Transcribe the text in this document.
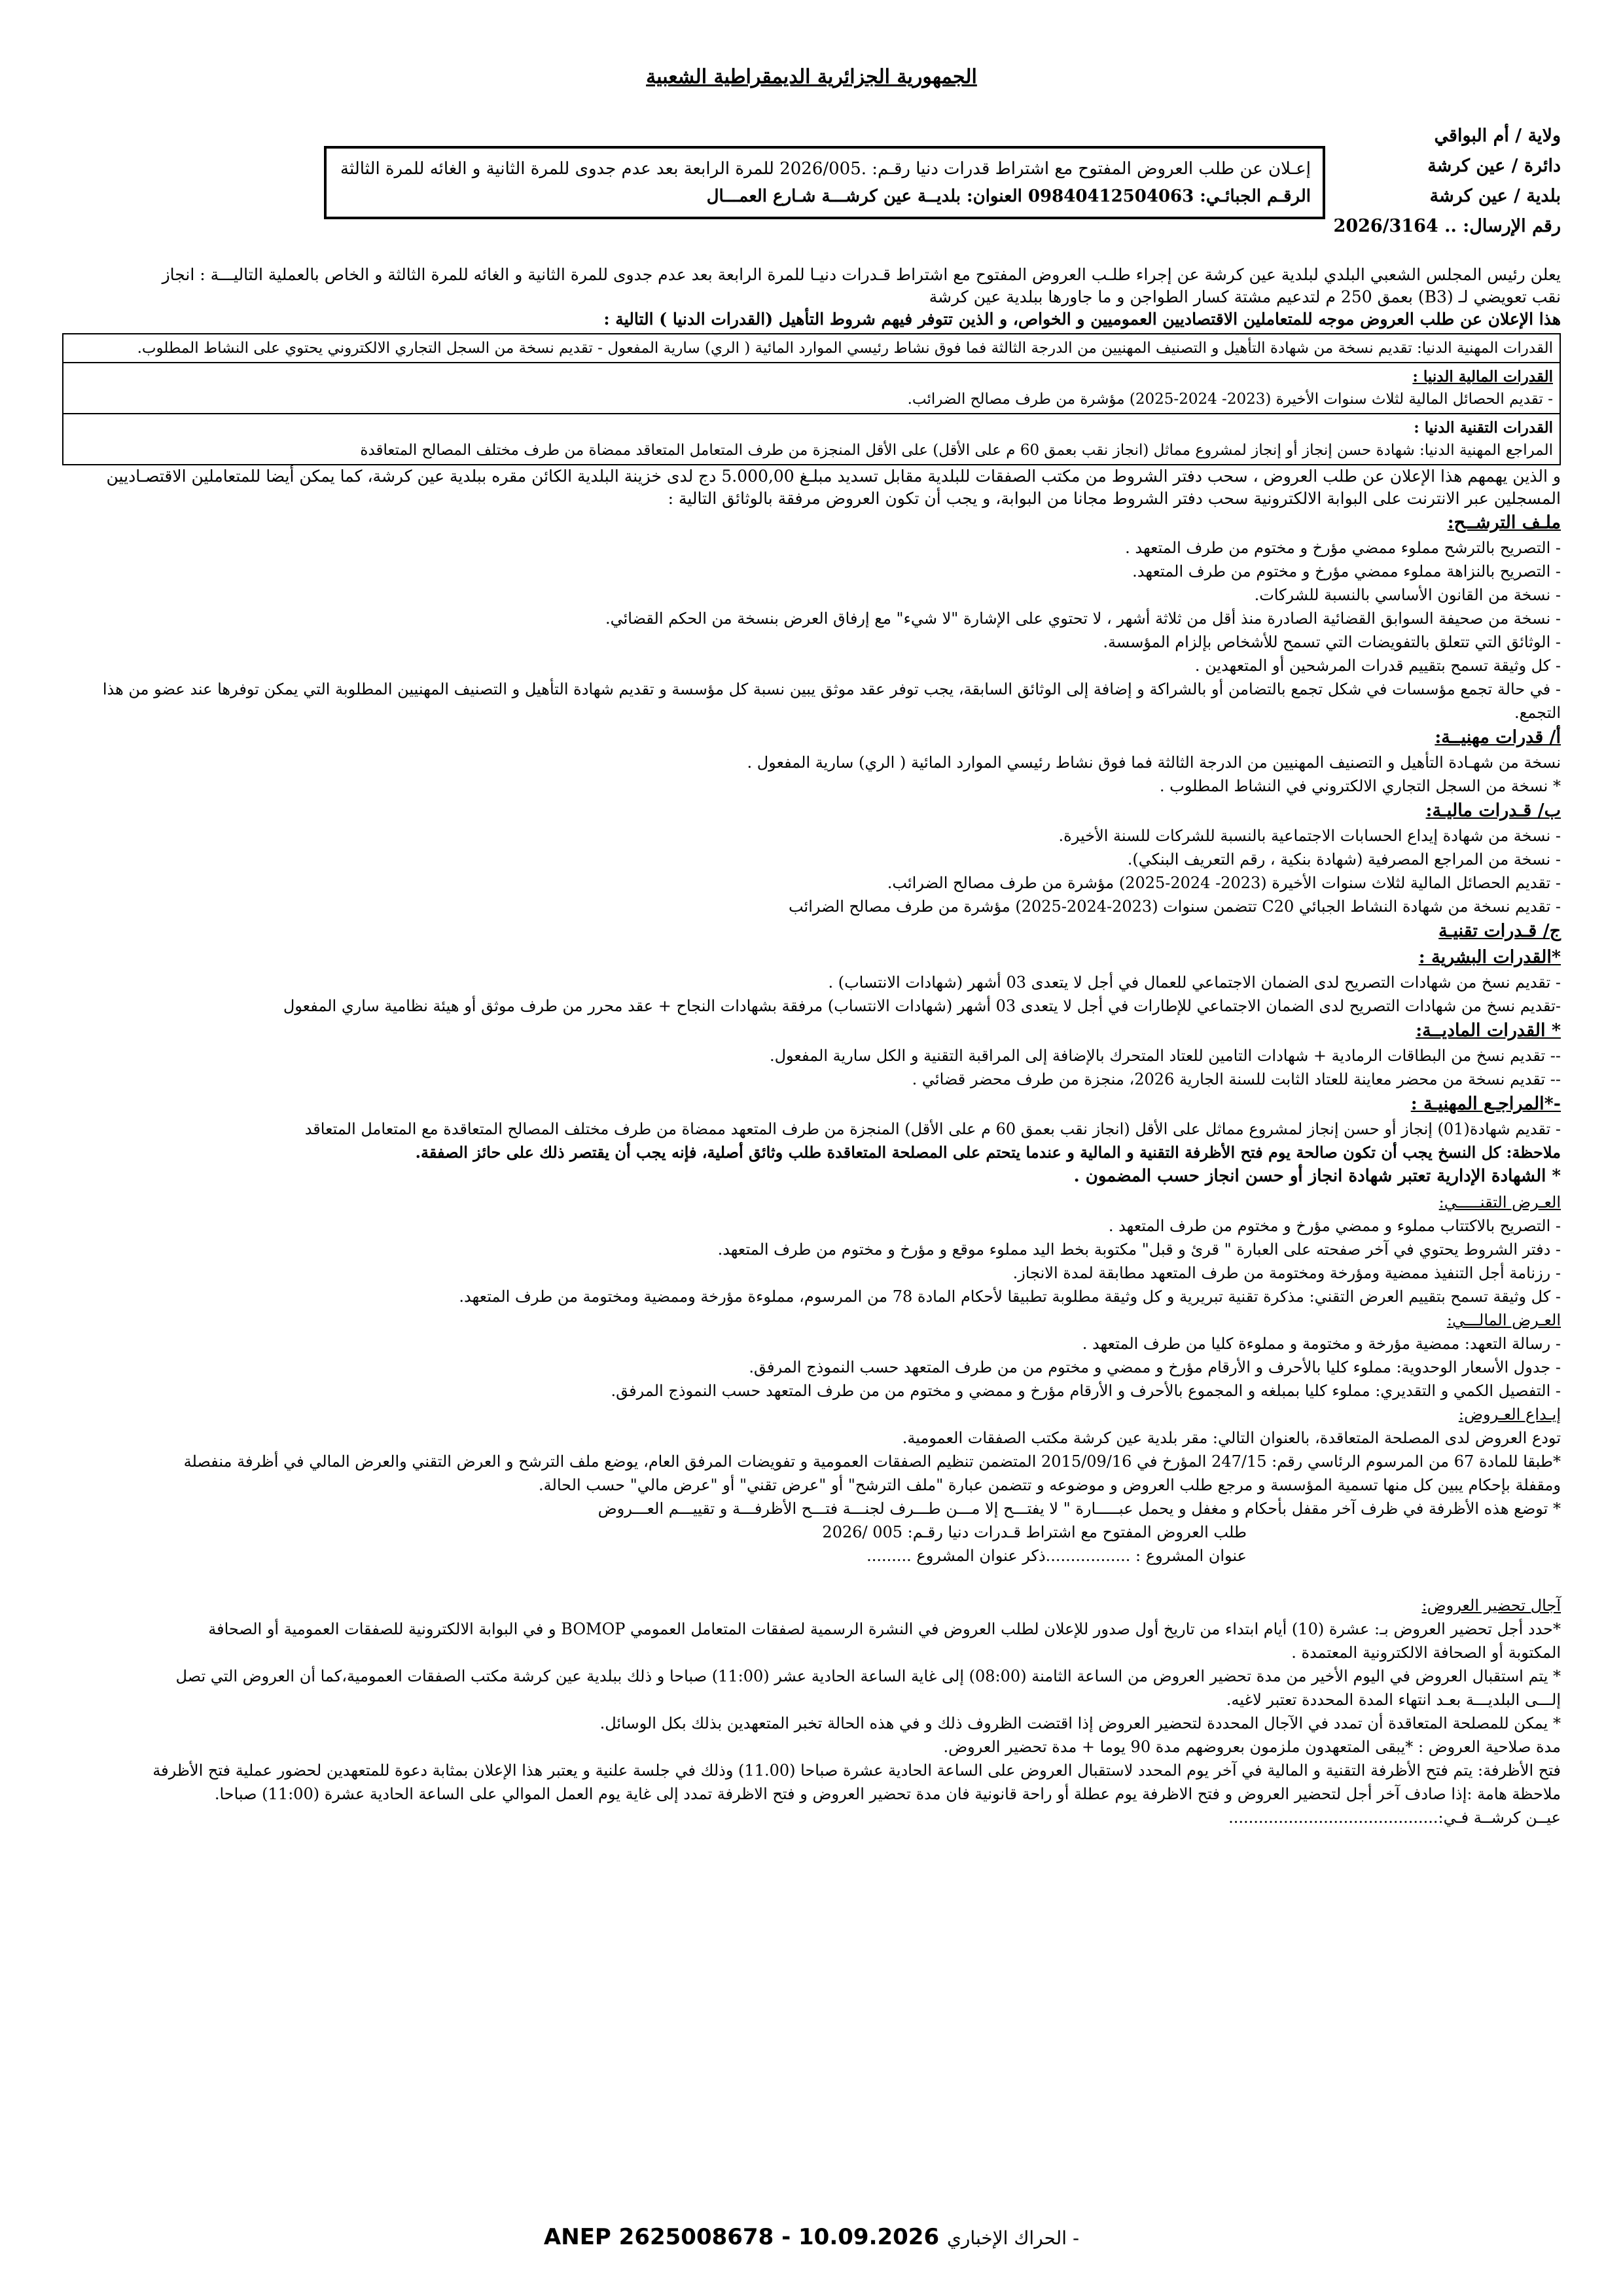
الجمهورية الجزائرية الديمقراطية الشعبية

ولاية / أم البواقي

دائرة / عين كرشة

بلدية / عين كرشة

رقم الإرسال: .. 2026/3164

إعـلان عن طلب العروض المفتوح مع اشتراط قدرات دنيا رقـم: .2026/005 للمرة الرابعة بعد عدم جدوى للمرة الثانية و الغائه للمرة الثالثة

الرقـم الجبائـي: 09840412504063 العنوان: بلديــة عين كرشـــة شـارع العمـــال

يعلن رئيس المجلس الشعبي البلدي لبلدية عين كرشة عن إجراء طلـب العروض المفتوح مع اشتراط قـدرات دنيـا للمرة الرابعة بعد عدم جدوى للمرة الثانية و الغائه للمرة الثالثة و الخاص بالعملية التاليـــة : انجاز

نقب تعويضي لـ (B3) بعمق 250 م لتدعيم مشتة كسار الطواجن و ما جاورها ببلدية عين كرشة

هذا الإعلان عن طلب العروض موجه للمتعاملين الاقتصاديين العموميين و الخواص، و الذين تتوفر فيهم شروط التأهيل (القدرات الدنيا ) التالية :

القدرات المهنية الدنيا: تقديم نسخة من شهادة التأهيل و التصنيف المهنيين من الدرجة الثالثة فما فوق نشاط رئيسي الموارد المائية ( الري) سارية المفعول - تقديم نسخة من السجل التجاري الالكتروني يحتوي على النشاط المطلوب.

القدرات المالية الدنيا :

- تقديم الحصائل المالية لثلاث سنوات الأخيرة (2023- 2024-2025) مؤشرة من طرف مصالح الضرائب.

القدرات التقنية الدنيا :

المراجع المهنية الدنيا: شهادة حسن إنجاز أو إنجاز لمشروع مماثل (انجاز نقب بعمق 60 م على الأقل) على الأقل المنجزة من طرف المتعامل المتعاقد ممضاة من طرف مختلف المصالح المتعاقدة

و الذين يهمهم هذا الإعلان عن طلب العروض ، سحب دفتر الشروط من مكتب الصفقات للبلدية مقابل تسديد مبلـغ 5.000,00 دج لدى خزينة البلدية الكائن مقره ببلدية عين كرشة، كما يمكن أيضا للمتعاملين الاقتصـاديين

المسجلين عبر الانترنت على البوابة الالكترونية سحب دفتر الشروط مجانا من البوابة، و يجب أن تكون العروض مرفقة بالوثائق التالية :

ملـف الترشــح:

- التصريح بالترشح مملوء ممضي مؤرخ و مختوم من طرف المتعهد .

- التصريح بالنزاهة مملوء ممضي مؤرخ و مختوم من طرف المتعهد.

- نسخة من القانون الأساسي بالنسبة للشركات.

- نسخة من صحيفة السوابق القضائية الصادرة منذ أقل من ثلاثة أشهر ، لا تحتوي على الإشارة "لا شيء" مع إرفاق العرض بنسخة من الحكم القضائي.

- الوثائق التي تتعلق بالتفويضات التي تسمح للأشخاص بإلزام المؤسسة.

- كل وثيقة تسمح بتقييم قدرات المرشحين أو المتعهدين .

- في حالة تجمع مؤسسات في شكل تجمع بالتضامن أو بالشراكة و إضافة إلى الوثائق السابقة، يجب توفر عقد موثق يبين نسبة كل مؤسسة و تقديم شهادة التأهيل و التصنيف المهنيين المطلوبة التي يمكن توفرها عند عضو من هذا التجمع.

أ/ قدرات مهنيــة:

نسخة من شهـادة التأهيل و التصنيف المهنيين من الدرجة الثالثة فما فوق نشاط رئيسي الموارد المائية ( الري) سارية المفعول .

* نسخة من السجل التجاري الالكتروني في النشاط المطلوب .

ب/ قـدرات ماليـة:

- نسخة من شهادة إيداع الحسابات الاجتماعية بالنسبة للشركات للسنة الأخيرة.

- نسخة من المراجع المصرفية (شهادة بنكية ، رقم التعريف البنكي).

- تقديم الحصائل المالية لثلاث سنوات الأخيرة (2023- 2024-2025) مؤشرة من طرف مصالح الضرائب.

- تقديم نسخة من شهادة النشاط الجبائي C20 تتضمن سنوات (2023-2024-2025) مؤشرة من طرف مصالح الضرائب

ج/ قـدرات تقنيـة

*القدرات البشرية :

- تقديم نسخ من شهادات التصريح لدى الضمان الاجتماعي للعمال في أجل لا يتعدى 03 أشهر (شهادات الانتساب) .

-تقديم نسخ من شهادات التصريح لدى الضمان الاجتماعي للإطارات في أجل لا يتعدى 03 أشهر (شهادات الانتساب) مرفقة بشهادات النجاح + عقد محرر من طرف موثق أو هيئة نظامية ساري المفعول

* القدرات الماديــة:

-- تقديم نسخ من البطاقات الرمادية + شهادات التامين للعتاد المتحرك بالإضافة إلى المراقبة التقنية و الكل سارية المفعول.

-- تقديم نسخة من محضر معاينة للعتاد الثابت للسنة الجارية 2026، منجزة من طرف محضر قضائي .

-*المراجـع المهنيـة :

- تقديم شهادة(01) إنجاز أو حسن إنجاز لمشروع مماثل على الأقل (انجاز نقب بعمق 60 م على الأقل) المنجزة من طرف المتعهد ممضاة من طرف مختلف المصالح المتعاقدة مع المتعامل المتعاقد

ملاحظة: كل النسخ يجب أن تكون صالحة يوم فتح الأظرفة التقنية و المالية و عندما يتحتم على المصلحة المتعاقدة طلب وثائق أصلية، فإنه يجب أن يقتصر ذلك على حائز الصفقة.

* الشهادة الإدارية تعتبر شهادة انجاز أو حسن انجاز حسب المضمون .

العـرض التقنـــــي:

- التصريح بالاكتتاب مملوء و ممضي مؤرخ و مختوم من طرف المتعهد .

- دفتر الشروط يحتوي في آخر صفحته على العبارة " قرئ و قبل" مكتوبة بخط اليد مملوء موقع و مؤرخ و مختوم من طرف المتعهد.

- رزنامة أجل التنفيذ ممضية ومؤرخة ومختومة من طرف المتعهد مطابقة لمدة الانجاز.

- كل وثيقة تسمح بتقييم العرض التقني: مذكرة تقنية تبريرية و كل وثيقة مطلوبة تطبيقا لأحكام المادة 78 من المرسوم، مملوءة مؤرخة وممضية ومختومة من طرف المتعهد.

العـرض المالـــي:

- رسالة التعهد: ممضية مؤرخة و مختومة و مملوءة كليا من طرف المتعهد .

- جدول الأسعار الوحدوية: مملوء كليا بالأحرف و الأرقام مؤرخ و ممضي و مختوم من من طرف المتعهد حسب النموذج المرفق.

- التفصيل الكمي و التقديري: مملوء كليا بمبلغه و المجموع بالأحرف و الأرقام مؤرخ و ممضي و مختوم من من طرف المتعهد حسب النموذج المرفق.

إيـداع العـروض:

تودع العروض لدى المصلحة المتعاقدة، بالعنوان التالي: مقر بلدية عين كرشة مكتب الصفقات العمومية.

*طبقا للمادة 67 من المرسوم الرئاسي رقم: 247/15 المؤرخ في 2015/09/16 المتضمن تنظيم الصفقات العمومية و تفويضات المرفق العام، يوضع ملف الترشح و العرض التقني والعرض المالي في أظرفة منفصلة

ومقفلة بإحكام يبين كل منها تسمية المؤسسة و مرجع طلب العروض و موضوعه و تتضمن عبارة "ملف الترشح" أو "عرض تقني" أو "عرض مالي" حسب الحالة.

* توضع هذه الأظرفة في ظرف آخر مقفل بأحكام و مغفل و يحمل عبـــــارة " لا يفتـــح إلا مـــن طـــرف لجنـــة فتـــح الأظرفـــة و تقييـــم العـــروض

طلب العروض المفتوح مع اشتراط قـدرات دنيا رقـم: 005 /2026

عنوان المشروع : .................ذكر عنوان المشروع .........

آجال تحضير العروض:

*حدد أجل تحضير العروض بـ: عشرة (10) أيام ابتداء من تاريخ أول صدور للإعلان لطلب العروض في النشرة الرسمية لصفقات المتعامل العمومي BOMOP و في البوابة الالكترونية للصفقات العمومية أو الصحافة

المكتوبة أو الصحافة الالكترونية المعتمدة .

* يتم استقبال العروض في اليوم الأخير من مدة تحضير العروض من الساعة الثامنة (08:00) إلى غاية الساعة الحادية عشر (11:00) صباحا و ذلك ببلدية عين كرشة مكتب الصفقات العمومية،كما أن العروض التي تصل

إلـــى البلديـــة بعـد انتهاء المدة المحددة تعتبر لاغيه.

* يمكن للمصلحة المتعاقدة أن تمدد في الآجال المحددة لتحضير العروض إذا اقتضت الظروف ذلك و في هذه الحالة تخبر المتعهدين بذلك بكل الوسائل.

مدة صلاحية العروض : *يبقى المتعهدون ملزمون بعروضهم مدة 90 يوما + مدة تحضير العروض.

فتح الأظرفة: يتم فتح الأظرفة التقنية و المالية في آخر يوم المحدد لاستقبال العروض على الساعة الحادية عشرة صباحا (11.00) وذلك في جلسة علنية و يعتبر هذا الإعلان بمثابة دعوة للمتعهدين لحضور عملية فتح الأظرفة

ملاحظة هامة :إذا صادف آخر أجل لتحضير العروض و فتح الاظرفة يوم عطلة أو راحة قانونية فان مدة تحضير العروض و فتح الاظرفة تمدد إلى غاية يوم العمل الموالي على الساعة الحادية عشرة (11:00) صباحا.

عيــن كرشــة فـي:..........................................

ANEP 2625008678 - 10.09.2026 الحراك الإخباري -
